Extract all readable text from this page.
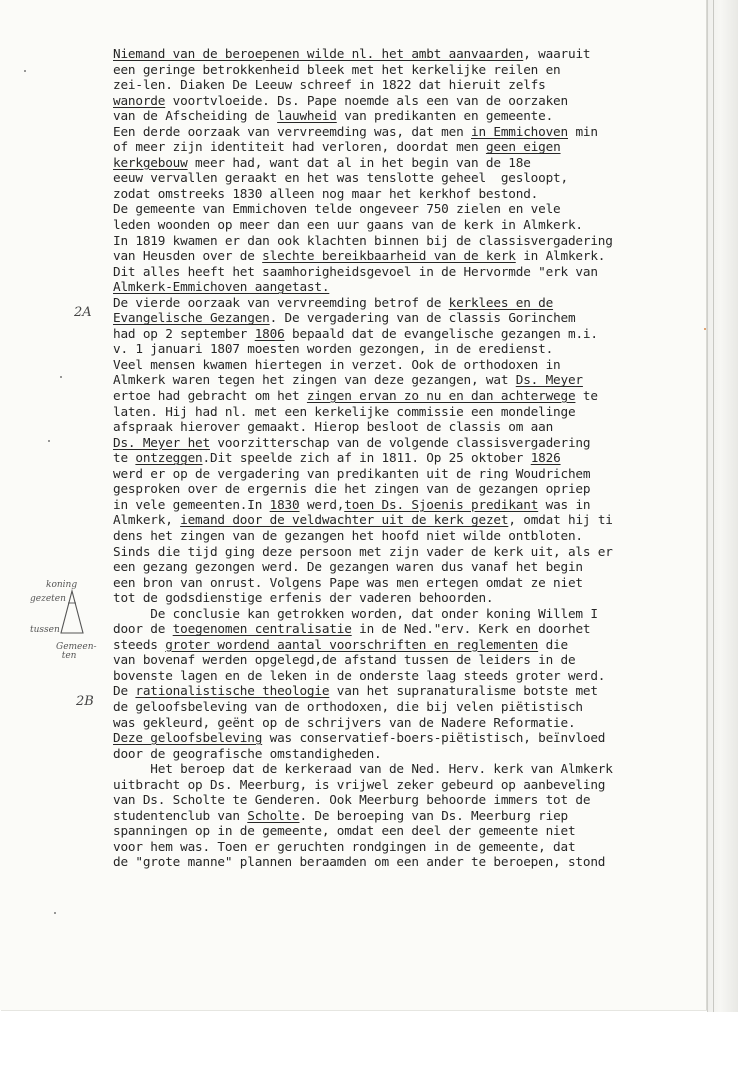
Niemand van de beroepenen wilde nl. het ambt aanvaarden, waaruit
een geringe betrokkenheid bleek met het kerkelijke reilen en
zei-len. Diaken De Leeuw schreef in 1822 dat hieruit zelfs
wanorde voortvloeide. Ds. Pape noemde als een van de oorzaken
van de Afscheiding de lauwheid van predikanten en gemeente.
Een derde oorzaak van vervreemding was, dat men in Emmichoven min
of meer zijn identiteit had verloren, doordat men geen eigen
kerkgebouw meer had, want dat al in het begin van de 18e
eeuw vervallen geraakt en het was tenslotte geheel  gesloopt,
zodat omstreeks 1830 alleen nog maar het kerkhof bestond.
De gemeente van Emmichoven telde ongeveer 750 zielen en vele
leden woonden op meer dan een uur gaans van de kerk in Almkerk.
In 1819 kwamen er dan ook klachten binnen bij de classisvergadering
van Heusden over de slechte bereikbaarheid van de kerk in Almkerk.
Dit alles heeft het saamhorigheidsgevoel in de Hervormde "erk van
Almkerk-Emmichoven aangetast.
De vierde oorzaak van vervreemding betrof de kerklees en de
Evangelische Gezangen. De vergadering van de classis Gorinchem
had op 2 september 1806 bepaald dat de evangelische gezangen m.i.
v. 1 januari 1807 moesten worden gezongen, in de eredienst.
Veel mensen kwamen hiertegen in verzet. Ook de orthodoxen in
Almkerk waren tegen het zingen van deze gezangen, wat Ds. Meyer
ertoe had gebracht om het zingen ervan zo nu en dan achterwege te
laten. Hij had nl. met een kerkelijke commissie een mondelinge
afspraak hierover gemaakt. Hierop besloot de classis om aan
Ds. Meyer het voorzitterschap van de volgende classisvergadering
te ontzeggen.Dit speelde zich af in 1811. Op 25 oktober 1826
werd er op de vergadering van predikanten uit de ring Woudrichem
gesproken over de ergernis die het zingen van de gezangen opriep
in vele gemeenten.In 1830 werd,toen Ds. Sjoenis predikant was in
Almkerk, iemand door de veldwachter uit de kerk gezet, omdat hij ti
dens het zingen van de gezangen het hoofd niet wilde ontbloten.
Sinds die tijd ging deze persoon met zijn vader de kerk uit, als er
een gezang gezongen werd. De gezangen waren dus vanaf het begin
een bron van onrust. Volgens Pape was men ertegen omdat ze niet
tot de godsdienstige erfenis der vaderen behoorden.
De conclusie kan getrokken worden, dat onder koning Willem I
door de toegenomen centralisatie in de Ned."erv. Kerk en doorhet
steeds groter wordend aantal voorschriften en reglementen die
van bovenaf werden opgelegd,de afstand tussen de leiders in de
bovenste lagen en de leken in de onderste laag steeds groter werd.
De rationalistische theologie van het supranaturalisme botste met
de geloofsbeleving van de orthodoxen, die bij velen piëtistisch
was gekleurd, geënt op de schrijvers van de Nadere Reformatie.
Deze geloofsbeleving was conservatief-boers-piëtistisch, beïnvloed
door de geografische omstandigheden.
Het beroep dat de kerkeraad van de Ned. Herv. kerk van Almkerk
uitbracht op Ds. Meerburg, is vrijwel zeker gebeurd op aanbeveling
van Ds. Scholte te Genderen. Ook Meerburg behoorde immers tot de
studentenclub van Scholte. De beroeping van Ds. Meerburg riep
spanningen op in de gemeente, omdat een deel der gemeente niet
voor hem was. Toen er geruchten rondgingen in de gemeente, dat
de "grote manne" plannen beraamden om een ander te beroepen, stond
2A
2B
koning
gezeten
tussen
Gemeen-
ten
